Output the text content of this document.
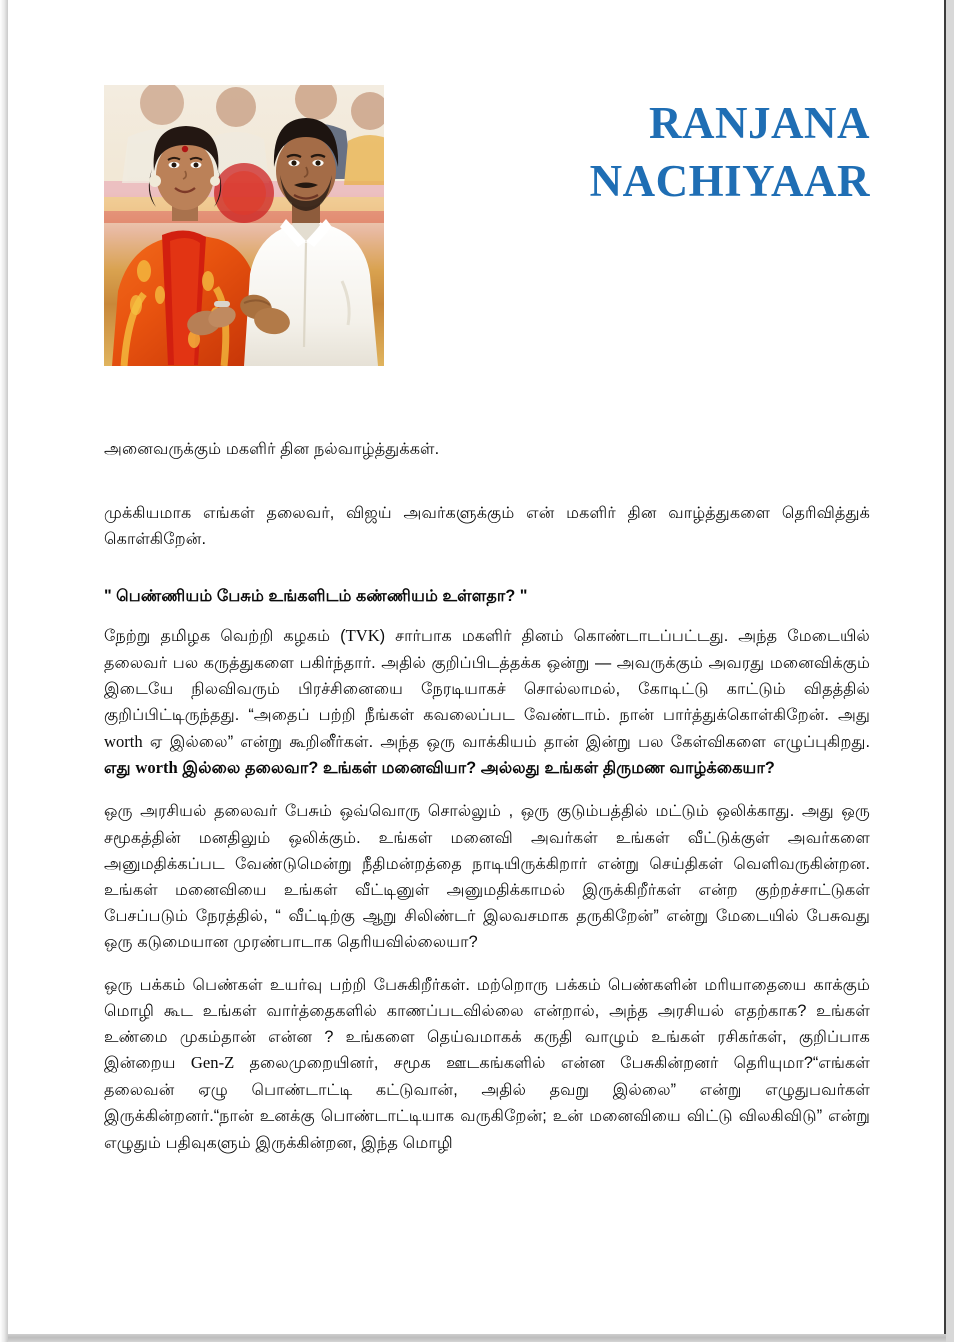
RANJANA
NACHIYAAR

அனைவருக்கும் மகளிர் தின நல்வாழ்த்துக்கள்.

முக்கியமாக எங்கள் தலைவர், விஜய் அவர்களுக்கும் என் மகளிர் தின வாழ்த்துகளை தெரிவித்துக் கொள்கிறேன்.

" பெண்ணியம் பேசும் உங்களிடம் கண்ணியம் உள்ளதா? "

நேற்று தமிழக வெற்றி கழகம் (TVK) சார்பாக மகளிர் தினம் கொண்டாடப்பட்டது. அந்த மேடையில் தலைவர் பல கருத்துகளை பகிர்ந்தார். அதில் குறிப்பிடத்தக்க ஒன்று — அவருக்கும் அவரது மனைவிக்கும் இடையே நிலவிவரும் பிரச்சினையை நேரடியாகச் சொல்லாமல், கோடிட்டு காட்டும் விதத்தில் குறிப்பிட்டிருந்தது. “அதைப் பற்றி நீங்கள் கவலைப்பட வேண்டாம். நான் பார்த்துக்கொள்கிறேன். அது worth ஏ இல்லை” என்று கூறினீர்கள். அந்த ஒரு வாக்கியம் தான் இன்று பல கேள்விகளை எழுப்புகிறது. எது worth இல்லை தலைவா? உங்கள் மனைவியா? அல்லது உங்கள் திருமண வாழ்க்கையா?

ஒரு அரசியல் தலைவர் பேசும் ஒவ்வொரு சொல்லும் , ஒரு குடும்பத்தில் மட்டும் ஒலிக்காது. அது ஒரு சமூகத்தின் மனதிலும் ஒலிக்கும். உங்கள் மனைவி அவர்கள் உங்கள் வீட்டுக்குள் அவர்களை அனுமதிக்கப்பட வேண்டுமென்று நீதிமன்றத்தை நாடியிருக்கிறார் என்று செய்திகள் வெளிவருகின்றன. உங்கள் மனைவியை உங்கள் வீட்டினுள் அனுமதிக்காமல் இருக்கிறீர்கள் என்ற குற்றச்சாட்டுகள் பேசப்படும் நேரத்தில், “ வீட்டிற்கு ஆறு சிலிண்டர் இலவசமாக தருகிறேன்” என்று மேடையில் பேசுவது ஒரு கடுமையான முரண்பாடாக தெரியவில்லையா?

ஒரு பக்கம் பெண்கள் உயர்வு பற்றி பேசுகிறீர்கள். மற்றொரு பக்கம் பெண்களின் மரியாதையை காக்கும் மொழி கூட உங்கள் வார்த்தைகளில் காணப்படவில்லை என்றால், அந்த அரசியல் எதற்காக? உங்கள் உண்மை முகம்தான் என்ன ? உங்களை தெய்வமாகக் கருதி வாழும் உங்கள் ரசிகர்கள், குறிப்பாக இன்றைய Gen-Z தலைமுறையினர், சமூக ஊடகங்களில் என்ன பேசுகின்றனர் தெரியுமா?“எங்கள் தலைவன் ஏழு பொண்டாட்டி கட்டுவான், அதில் தவறு இல்லை” என்று எழுதுபவர்கள் இருக்கின்றனர்.“நான் உனக்கு பொண்டாட்டியாக வருகிறேன்; உன் மனைவியை விட்டு விலகிவிடு” என்று எழுதும் பதிவுகளும் இருக்கின்றன, இந்த மொழி
